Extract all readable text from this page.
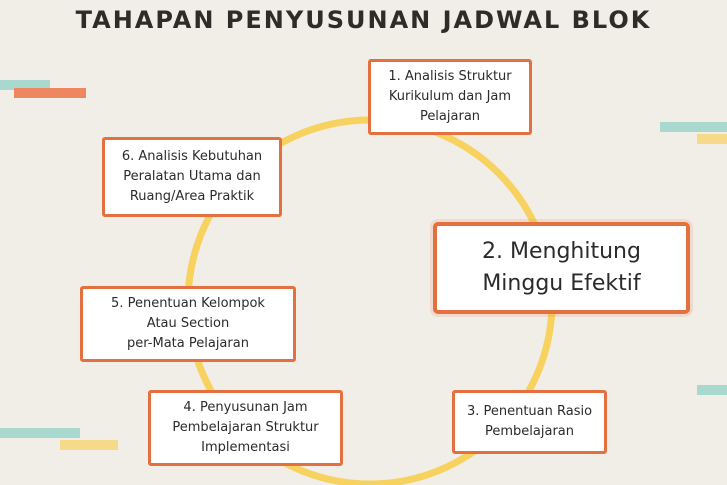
TAHAPAN PENYUSUNAN JADWAL BLOK
1. Analisis Struktur
Kurikulum dan Jam
Pelajaran
2. Menghitung
Minggu Efektif
3. Penentuan Rasio
Pembelajaran
4. Penyusunan Jam
Pembelajaran Struktur
Implementasi
5. Penentuan Kelompok
Atau Section
per-Mata Pelajaran
6. Analisis Kebutuhan
Peralatan Utama dan
Ruang/Area Praktik
